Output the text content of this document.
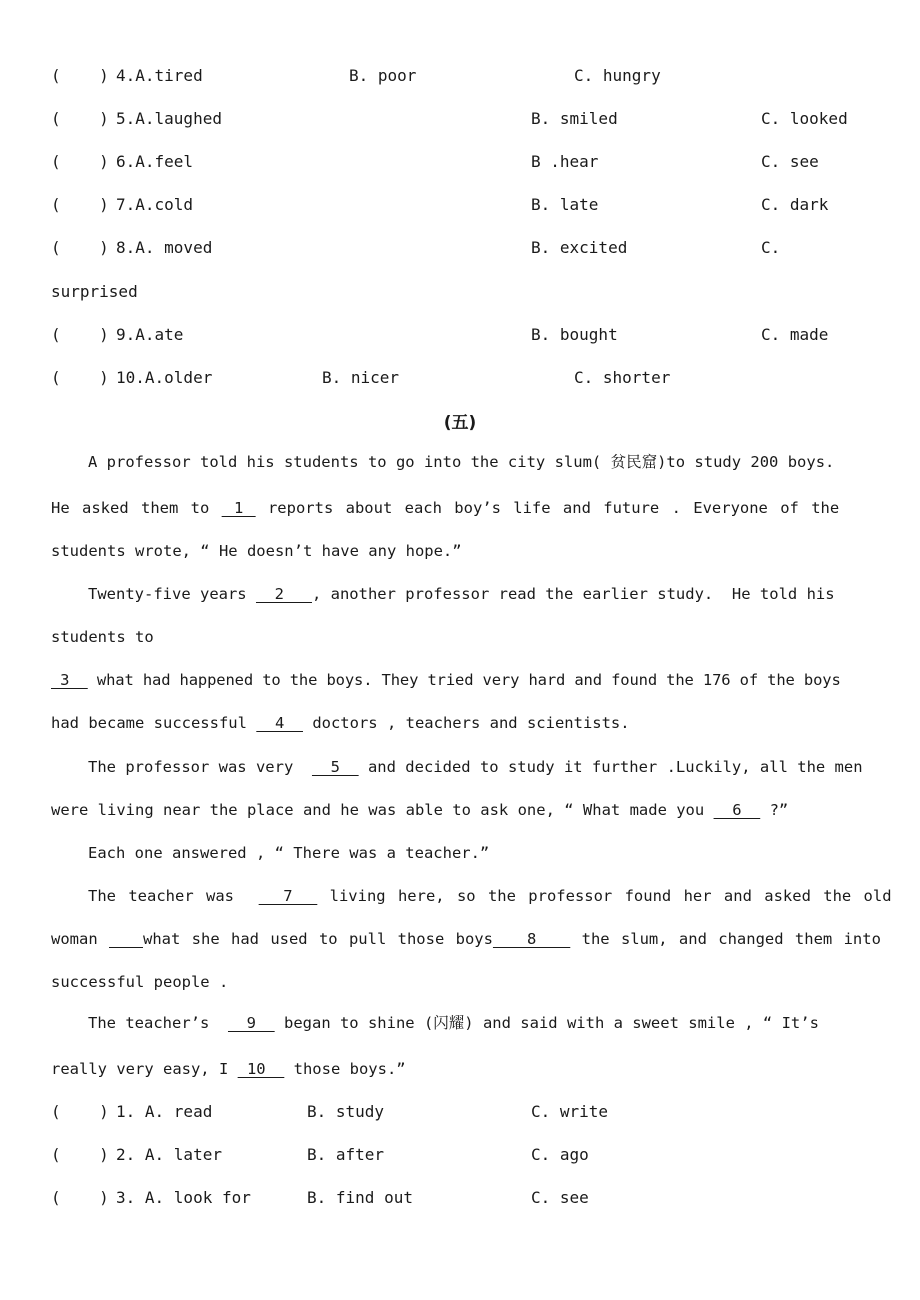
(    ) 4.A.tired	B. poor	C. hungry
(    ) 5.A.laughed	B. smiled	C. looked
(    ) 6.A.feel	B .hear	C. see
(    ) 7.A.cold	B. late	C. dark
(    ) 8.A. moved	B. excited	C.
surprised
(    ) 9.A.ate	B. bought	C. made
(    ) 10.A.older	B. nicer	C. shorter
(五)
A professor told his students to go into the city slum( 贫民窟)to study 200 boys.
He asked them to  1  reports about each boy’s life and future . Everyone of the
students wrote, “ He doesn’t have any hope.”
Twenty-five years   2   , another professor read the earlier study.  He told his
students to
3   what had happened to the boys. They tried very hard and found the 176 of the boys
had became successful   4   doctors , teachers and scientists.
The professor was very    5   and decided to study it further .Luckily, all the men
were living near the place and he was able to ask one, “ What made you   6   ?”
Each one answered , “ There was a teacher.”
The teacher was    7   living here, so the professor found her and asked the old
woman    what she had used to pull those boys   8    the slum, and changed them into
successful people .
The teacher’s    9   began to shine (闪耀) and said with a sweet smile , “ It’s
really very easy, I  10   those boys.”
(    ) 1. A. read	B. study	C. write
(    ) 2. A. later	B. after	C. ago
(    ) 3. A. look for	B. find out	C. see
